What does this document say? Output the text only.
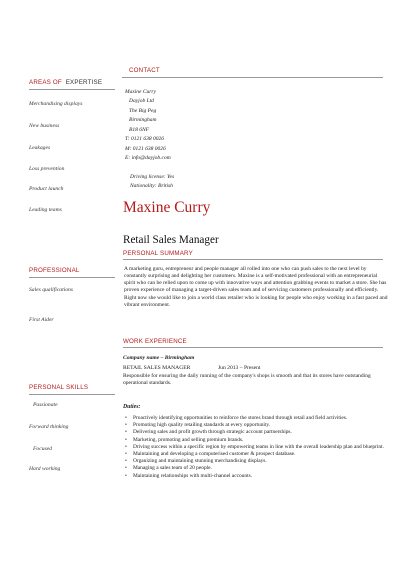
CONTACT
AREAS OF EXPERTISE
Maxine Curry
Dayjob Ltd
The Big Peg
Birmingham
B18 6NF
T: 0121 638 0026
M: 0121 638 0026
E: info@dayjob.com
Driving license: Yes
Nationality: British
Merchandising displays
New business
Leakages
Loss prevention
Product launch
Leading teams	Maxine Curry
Retail Sales Manager
PERSONAL SUMMARY
A marketing guru, entrepreneur and people manager all rolled into one who can push sales to the next level by constantly surprising and delighting her customers. Maxine is a self-motivated professional with an entrepreneurial spirit who can be relied upon to come up with innovative ways and attention grabbing events to market a store. She has proven experience of managing a target-driven sales team and of servicing customers professionally and efficiently. Right now she would like to join a world class retailer who is looking for people who enjoy working in a fast paced and vibrant environment.
PROFESSIONAL
Sales qualifications
First Aider
WORK EXPERIENCE
Company name – Birmingham
RETAIL SALES MANAGER	Jun 2013 – Present
Responsible for ensuring the daily running of the company's shops is smooth and that its stores have outstanding operational standards.
Duties:
• Proactively identifying opportunities to reinforce the stores brand through retail and field activities.
• Promoting high quality retailing standards at every opportunity.
• Delivering sales and profit growth through strategic account partnerships.
• Marketing, promoting and selling premium brands.
• Driving success within a specific region by empowering teams in line with the overall leadership plan and blueprint.
• Maintaining and developing a computerised customer & prospect database.
• Organizing and maintaining stunning merchandising displays.
• Managing a sales team of 20 people.
• Maintaining relationships with multi-channel accounts.
PERSONAL SKILLS
Passionate
Forward thinking
Focused
Hard working
